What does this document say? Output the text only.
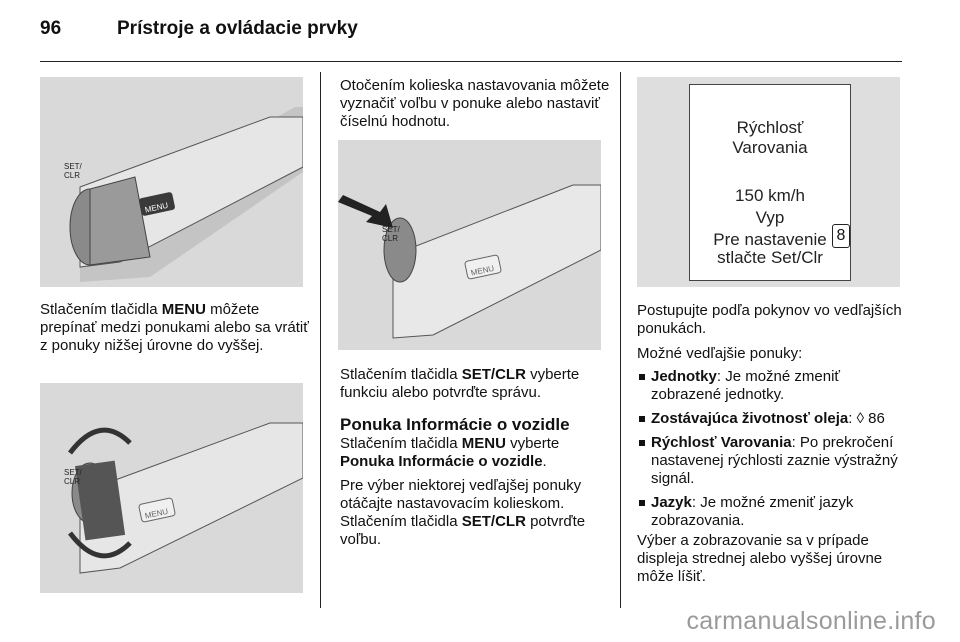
96	Prístroje a ovládacie prvky
MENU
SET/
CLR

Stlačením tlačidla MENU môžete prepínať medzi ponukami alebo sa vrátiť z ponuky nižšej úrovne do vyššej.

MENU
SET/
CLR

Otočením kolieska nastavovania môžete vyznačiť voľbu v ponuke alebo nastaviť číselnú hodnotu.

MENU
SET/
CLR

Stlačením tlačidla SET/CLR vyberte funkciu alebo potvrďte správu.

Ponuka Informácie o vozidle

Stlačením tlačidla MENU vyberte Ponuka Informácie o vozidle.

Pre výber niektorej vedľajšej ponuky otáčajte nastavovacím kolieskom. Stlačením tlačidla SET/CLR potvrďte voľbu.

Rýchlosť
Varovania
150 km/h
Vyp
Pre nastavenie
stlačte Set/Clr
8

Postupujte podľa pokynov vo vedľajších ponukách.

Možné vedľajšie ponuky:

Jednotky: Je možné zmeniť zobrazené jednotky.

Zostávajúca životnosť oleja: ◊ 86

Rýchlosť Varovania: Po prekročení nastavenej rýchlosti zaznie výstražný signál.

Jazyk: Je možné zmeniť jazyk zobrazovania.

Výber a zobrazovanie sa v prípade displeja strednej alebo vyššej úrovne môže líšiť.

carmanualsonline.info
